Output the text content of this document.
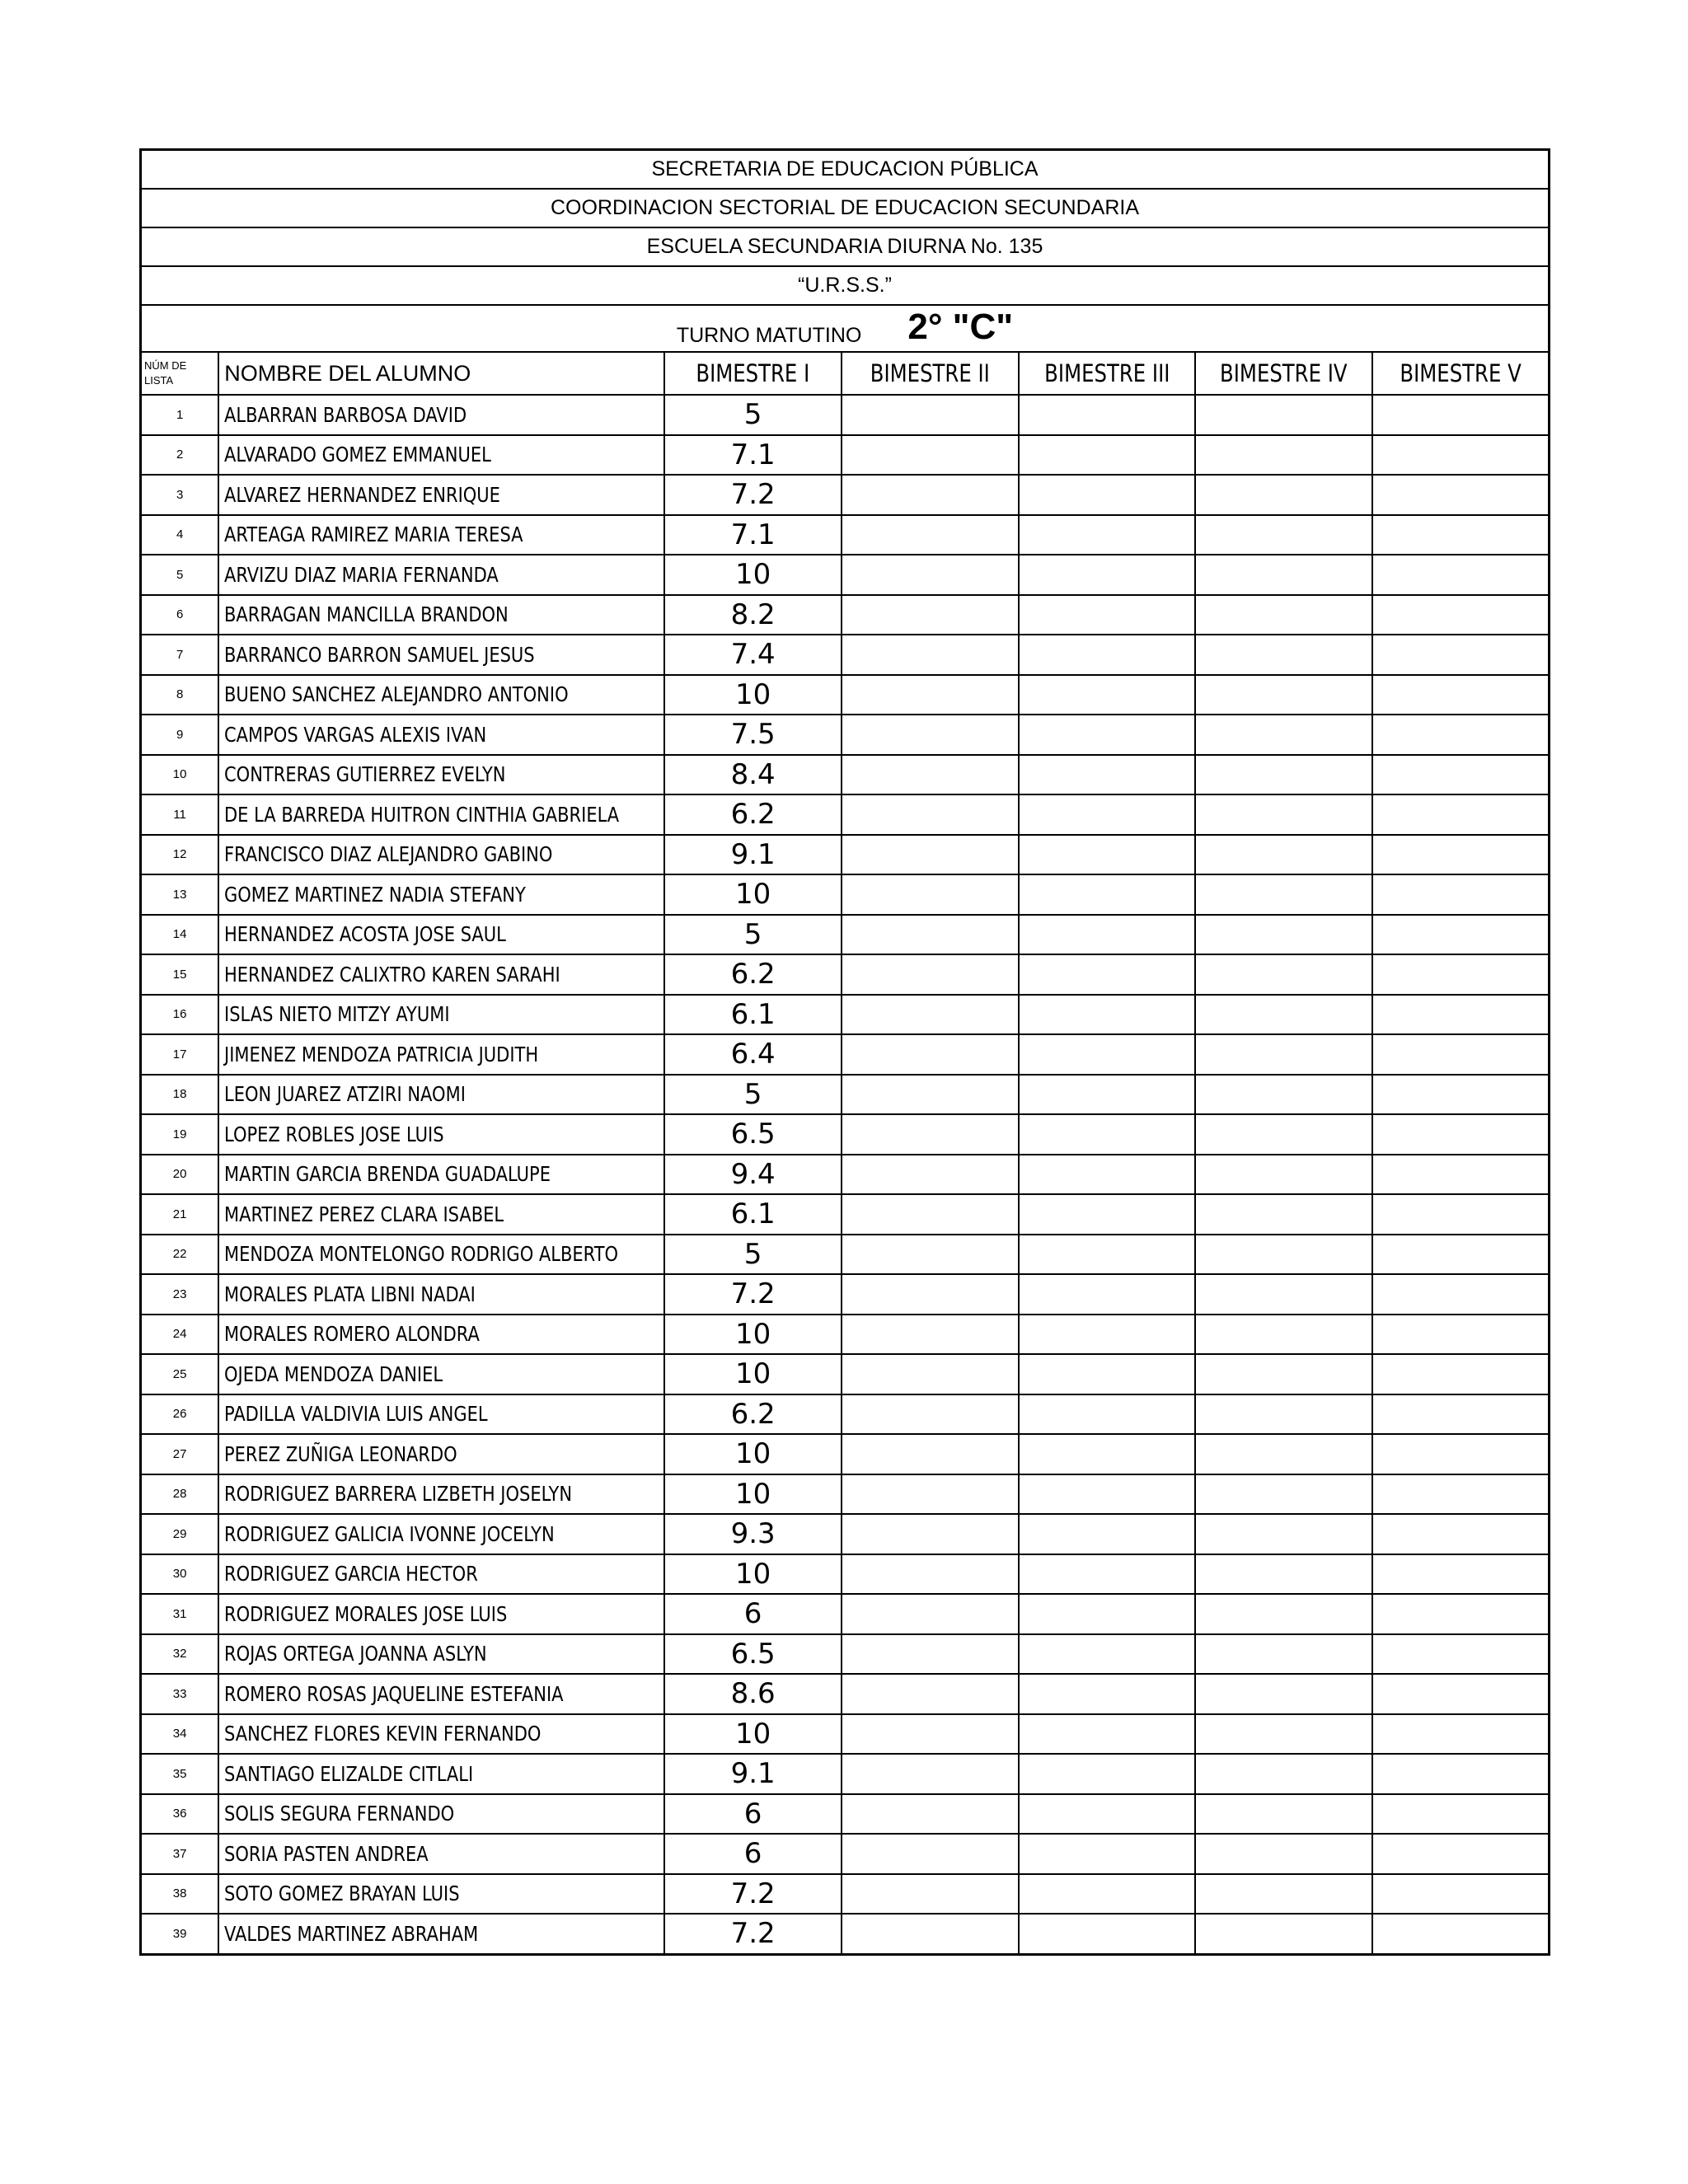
SECRETARIA DE EDUCACION PÚBLICA						
COORDINACION SECTORIAL DE EDUCACION SECUNDARIA						
ESCUELA SECUNDARIA DIURNA No. 135						
“U.R.S.S.”						
TURNO MATUTINO 2° "C"						
NÚM DE LISTA	NOMBRE DEL ALUMNO	BIMESTRE I	BIMESTRE II	BIMESTRE III	BIMESTRE IV	BIMESTRE V

1	ALBARRAN BARBOSA DAVID	5				
2	ALVARADO GOMEZ EMMANUEL	7.1				
3	ALVAREZ HERNANDEZ ENRIQUE	7.2				
4	ARTEAGA RAMIREZ MARIA TERESA	7.1				
5	ARVIZU DIAZ MARIA FERNANDA	10				
6	BARRAGAN MANCILLA BRANDON	8.2				
7	BARRANCO BARRON SAMUEL JESUS	7.4				
8	BUENO SANCHEZ ALEJANDRO ANTONIO	10				
9	CAMPOS VARGAS ALEXIS IVAN	7.5				
10	CONTRERAS GUTIERREZ EVELYN	8.4				
11	DE LA BARREDA HUITRON CINTHIA GABRIELA	6.2				
12	FRANCISCO DIAZ ALEJANDRO GABINO	9.1				
13	GOMEZ MARTINEZ NADIA STEFANY	10				
14	HERNANDEZ ACOSTA JOSE SAUL	5				
15	HERNANDEZ CALIXTRO KAREN SARAHI	6.2				
16	ISLAS NIETO MITZY AYUMI	6.1				
17	JIMENEZ MENDOZA PATRICIA JUDITH	6.4				
18	LEON JUAREZ ATZIRI NAOMI	5				
19	LOPEZ ROBLES JOSE LUIS	6.5				
20	MARTIN GARCIA BRENDA GUADALUPE	9.4				
21	MARTINEZ PEREZ CLARA ISABEL	6.1				
22	MENDOZA MONTELONGO RODRIGO ALBERTO	5				
23	MORALES PLATA LIBNI NADAI	7.2				
24	MORALES ROMERO ALONDRA	10				
25	OJEDA MENDOZA DANIEL	10				
26	PADILLA VALDIVIA LUIS ANGEL	6.2				
27	PEREZ ZUÑIGA LEONARDO	10				
28	RODRIGUEZ BARRERA LIZBETH JOSELYN	10				
29	RODRIGUEZ GALICIA IVONNE JOCELYN	9.3				
30	RODRIGUEZ GARCIA HECTOR	10				
31	RODRIGUEZ MORALES JOSE LUIS	6				
32	ROJAS ORTEGA JOANNA ASLYN	6.5				
33	ROMERO ROSAS JAQUELINE ESTEFANIA	8.6				
34	SANCHEZ FLORES KEVIN FERNANDO	10				
35	SANTIAGO ELIZALDE CITLALI	9.1				
36	SOLIS SEGURA FERNANDO	6				
37	SORIA PASTEN ANDREA	6				
38	SOTO GOMEZ BRAYAN LUIS	7.2				
39	VALDES MARTINEZ ABRAHAM	7.2				
